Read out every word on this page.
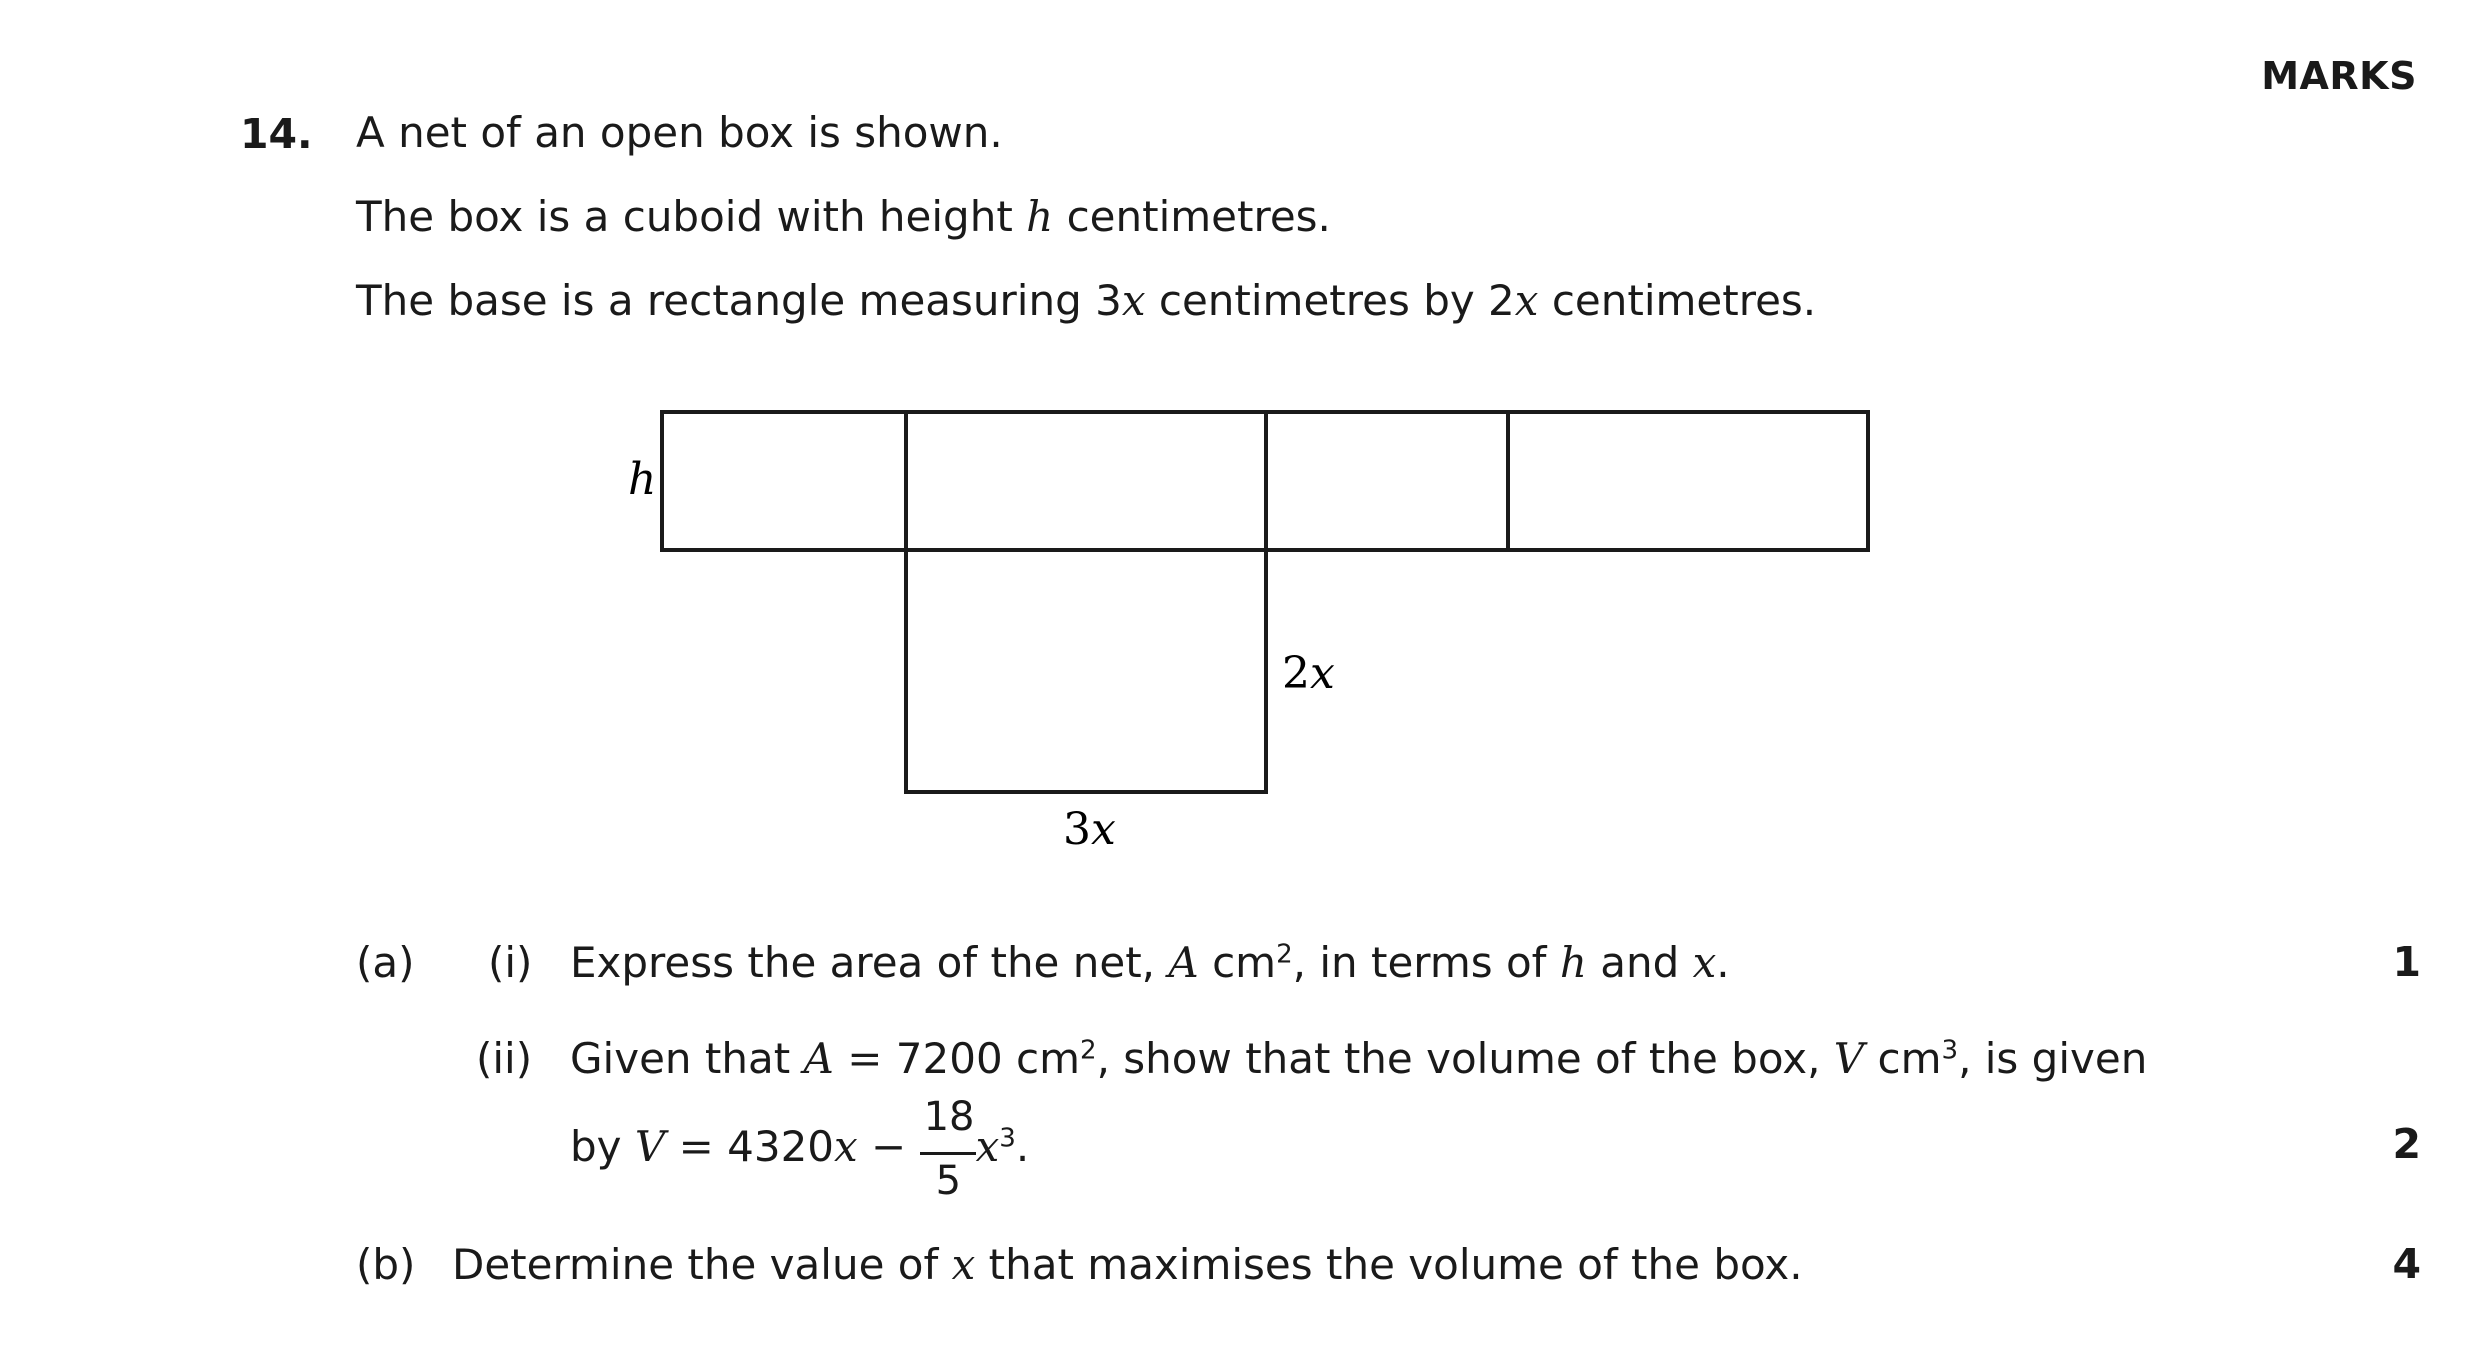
MARKS
14. A net of an open box is shown.
The box is a cuboid with height h centimetres.
The base is a rectangle measuring 3x centimetres by 2x centimetres.
h
2x
3x
(a) (i) Express the area of the net, A $cm^2$, in terms of h and x.	1
(ii) Given that A = 7200 $cm^2$, show that the volume of the box, V $cm^3$, is given
by $V = 4320x - \frac{18}{5} x^3$.	2
(b) Determine the value of x that maximises the volume of the box.	4
